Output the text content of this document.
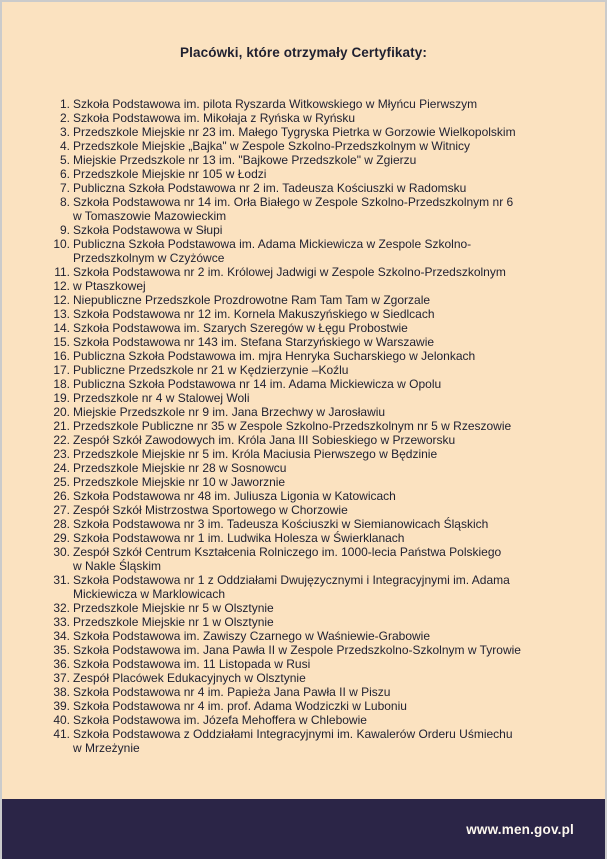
Placówki, które otrzymały Certyfikaty:
1. Szkoła Podstawowa im. pilota Ryszarda Witkowskiego w Młyńcu Pierwszym
2. Szkoła Podstawowa im. Mikołaja z Ryńska w Ryńsku
3. Przedszkole Miejskie nr 23 im. Małego Tygryska Pietrka w Gorzowie Wielkopolskim
4. Przedszkole Miejskie „Bajka" w Zespole Szkolno-Przedszkolnym w Witnicy
5. Miejskie Przedszkole nr 13 im. "Bajkowe Przedszkole" w Zgierzu
6. Przedszkole Miejskie nr 105 w Łodzi
7. Publiczna Szkoła Podstawowa nr 2 im. Tadeusza Kościuszki w Radomsku
8. Szkoła Podstawowa nr 14 im. Orła Białego w Zespole Szkolno-Przedszkolnym nr 6
w Tomaszowie Mazowieckim
9. Szkoła Podstawowa w Słupi
10. Publiczna Szkoła Podstawowa im. Adama Mickiewicza w Zespole Szkolno-
Przedszkolnym w Czyżówce
11. Szkoła Podstawowa nr 2 im. Królowej Jadwigi w Zespole Szkolno-Przedszkolnym
12. w Ptaszkowej
12. Niepubliczne Przedszkole Prozdrowotne Ram Tam Tam w Zgorzale
13. Szkoła Podstawowa nr 12 im. Kornela Makuszyńskiego w Siedlcach
14. Szkoła Podstawowa im. Szarych Szeregów w Łęgu Probostwie
15. Szkoła Podstawowa nr 143 im. Stefana Starzyńskiego w Warszawie
16. Publiczna Szkoła Podstawowa im. mjra Henryka Sucharskiego w Jelonkach
17. Publiczne Przedszkole nr 21 w Kędzierzynie –Koźlu
18. Publiczna Szkoła Podstawowa nr 14 im. Adama Mickiewicza w Opolu
19. Przedszkole nr 4 w Stalowej Woli
20. Miejskie Przedszkole nr 9 im. Jana Brzechwy w Jarosławiu
21. Przedszkole Publiczne nr 35 w Zespole Szkolno-Przedszkolnym nr 5 w Rzeszowie
22. Zespół Szkół Zawodowych im. Króla Jana III Sobieskiego w Przeworsku
23. Przedszkole Miejskie nr 5 im. Króla Maciusia Pierwszego w Będzinie
24. Przedszkole Miejskie nr 28 w Sosnowcu
25. Przedszkole Miejskie nr 10 w Jaworznie
26. Szkoła Podstawowa nr 48 im. Juliusza Ligonia w Katowicach
27. Zespół Szkół Mistrzostwa Sportowego w Chorzowie
28. Szkoła Podstawowa nr 3 im. Tadeusza Kościuszki w Siemianowicach Śląskich
29. Szkoła Podstawowa nr 1 im. Ludwika Holesza w Świerklanach
30. Zespół Szkół Centrum Kształcenia Rolniczego im. 1000-lecia Państwa Polskiego
w Nakle Śląskim
31. Szkoła Podstawowa nr 1 z Oddziałami Dwujęzycznymi i Integracyjnymi im. Adama
Mickiewicza w Marklowicach
32. Przedszkole Miejskie nr 5 w Olsztynie
33. Przedszkole Miejskie nr 1 w Olsztynie
34. Szkoła Podstawowa im. Zawiszy Czarnego w Waśniewie-Grabowie
35. Szkoła Podstawowa im. Jana Pawła II w Zespole Przedszkolno-Szkolnym w Tyrowie
36. Szkoła Podstawowa im. 11 Listopada w Rusi
37. Zespół Placówek Edukacyjnych w Olsztynie
38. Szkoła Podstawowa nr 4 im. Papieża Jana Pawła II w Piszu
39. Szkoła Podstawowa nr 4 im. prof. Adama Wodziczki w Luboniu
40. Szkoła Podstawowa im. Józefa Mehoffera w Chlebowie
41. Szkoła Podstawowa z Oddziałami Integracyjnymi im. Kawalerów Orderu Uśmiechu
w Mrzeżynie
www.men.gov.pl
